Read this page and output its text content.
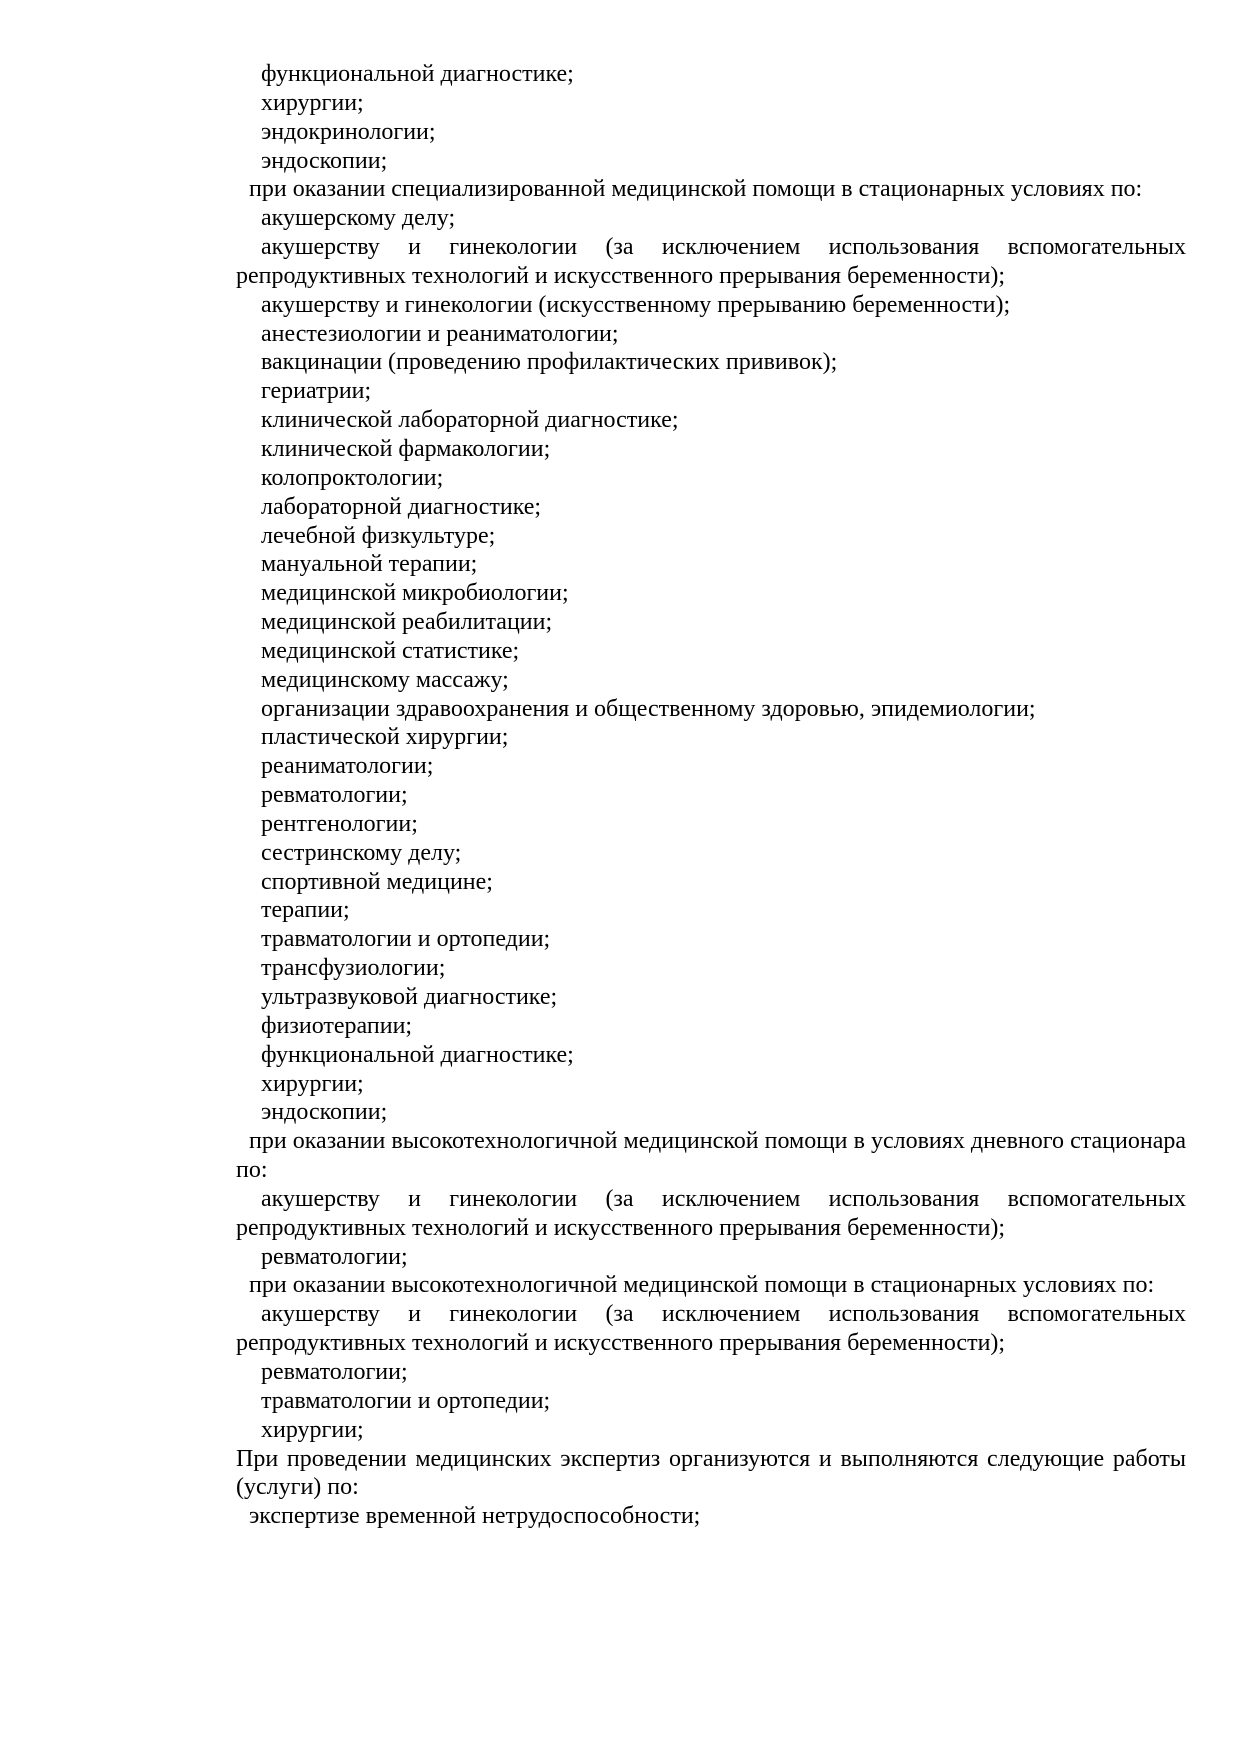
функциональной диагностике;

хирургии;

эндокринологии;

эндоскопии;

при оказании специализированной медицинской помощи в стационарных условиях по:

акушерскому делу;

акушерству и гинекологии (за исключением использования вспомогательных репродуктивных технологий и искусственного прерывания беременности);

акушерству и гинекологии (искусственному прерыванию беременности);

анестезиологии и реаниматологии;

вакцинации (проведению профилактических прививок);

гериатрии;

клинической лабораторной диагностике;

клинической фармакологии;

колопроктологии;

лабораторной диагностике;

лечебной физкультуре;

мануальной терапии;

медицинской микробиологии;

медицинской реабилитации;

медицинской статистике;

медицинскому массажу;

организации здравоохранения и общественному здоровью, эпидемиологии;

пластической хирургии;

реаниматологии;

ревматологии;

рентгенологии;

сестринскому делу;

спортивной медицине;

терапии;

травматологии и ортопедии;

трансфузиологии;

ультразвуковой диагностике;

физиотерапии;

функциональной диагностике;

хирургии;

эндоскопии;

при оказании высокотехнологичной медицинской помощи в условиях дневного стационара по:

акушерству и гинекологии (за исключением использования вспомогательных репродуктивных технологий и искусственного прерывания беременности);

ревматологии;

при оказании высокотехнологичной медицинской помощи в стационарных условиях по:

акушерству и гинекологии (за исключением использования вспомогательных репродуктивных технологий и искусственного прерывания беременности);

ревматологии;

травматологии и ортопедии;

хирургии;

При проведении медицинских экспертиз организуются и выполняются следующие работы (услуги) по:

экспертизе временной нетрудоспособности;
